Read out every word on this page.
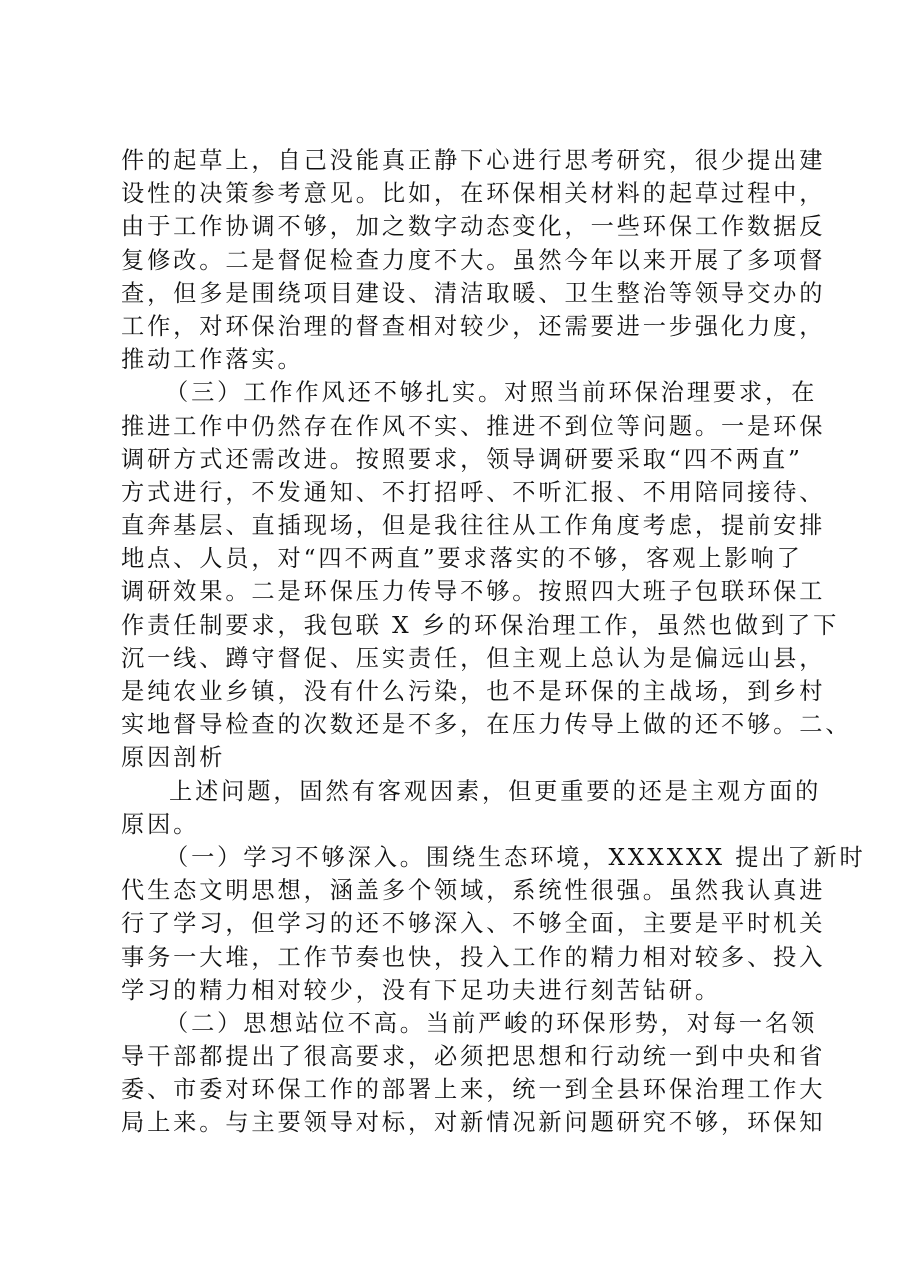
件的起草上，自己没能真正静下心进行思考研究，很少提出建
设性的决策参考意见。比如，在环保相关材料的起草过程中，
由于工作协调不够，加之数字动态变化，一些环保工作数据反
复修改。二是督促检查力度不大。虽然今年以来开展了多项督
查，但多是围绕项目建设、清洁取暖、卫生整治等领导交办的
工作，对环保治理的督查相对较少，还需要进一步强化力度，
推动工作落实。
（三）工作作风还不够扎实。对照当前环保治理要求，在
推进工作中仍然存在作风不实、推进不到位等问题。一是环保
调研方式还需改进。按照要求，领导调研要采取“四不两直”
方式进行，不发通知、不打招呼、不听汇报、不用陪同接待、
直奔基层、直插现场，但是我往往从工作角度考虑，提前安排
地点、人员，对“四不两直”要求落实的不够，客观上影响了
调研效果。二是环保压力传导不够。按照四大班子包联环保工
作责任制要求，我包联 X 乡的环保治理工作，虽然也做到了下
沉一线、蹲守督促、压实责任，但主观上总认为是偏远山县，
是纯农业乡镇，没有什么污染，也不是环保的主战场，到乡村
实地督导检查的次数还是不多，在压力传导上做的还不够。二、
原因剖析
上述问题，固然有客观因素，但更重要的还是主观方面的
原因。
（一）学习不够深入。围绕生态环境，XXXXXX 提出了新时
代生态文明思想，涵盖多个领域，系统性很强。虽然我认真进
行了学习，但学习的还不够深入、不够全面，主要是平时机关
事务一大堆，工作节奏也快，投入工作的精力相对较多、投入
学习的精力相对较少，没有下足功夫进行刻苦钻研。
（二）思想站位不高。当前严峻的环保形势，对每一名领
导干部都提出了很高要求，必须把思想和行动统一到中央和省
委、市委对环保工作的部署上来，统一到全县环保治理工作大
局上来。与主要领导对标，对新情况新问题研究不够，环保知
